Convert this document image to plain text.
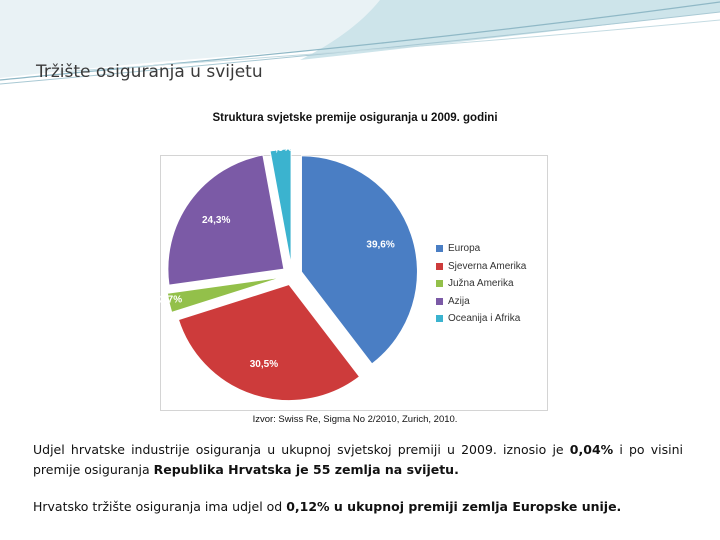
Tržište osiguranja u svijetu
Struktura svjetske premije osiguranja u 2009. godini
39,6%
30,5%
2,7%
24,3%
2,9%
Europa
Sjeverna Amerika
Južna Amerika
Azija
Oceanija i Afrika
Izvor: Swiss Re, Sigma No 2/2010, Zurich, 2010.
Udjel hrvatske industrije osiguranja u ukupnoj svjetskoj premiji u 2009. iznosio je 0,04% i po visini premije osiguranja Republika Hrvatska je 55 zemlja na svijetu.
Hrvatsko tržište osiguranja ima udjel od 0,12% u ukupnoj premiji zemlja Europske unije.
